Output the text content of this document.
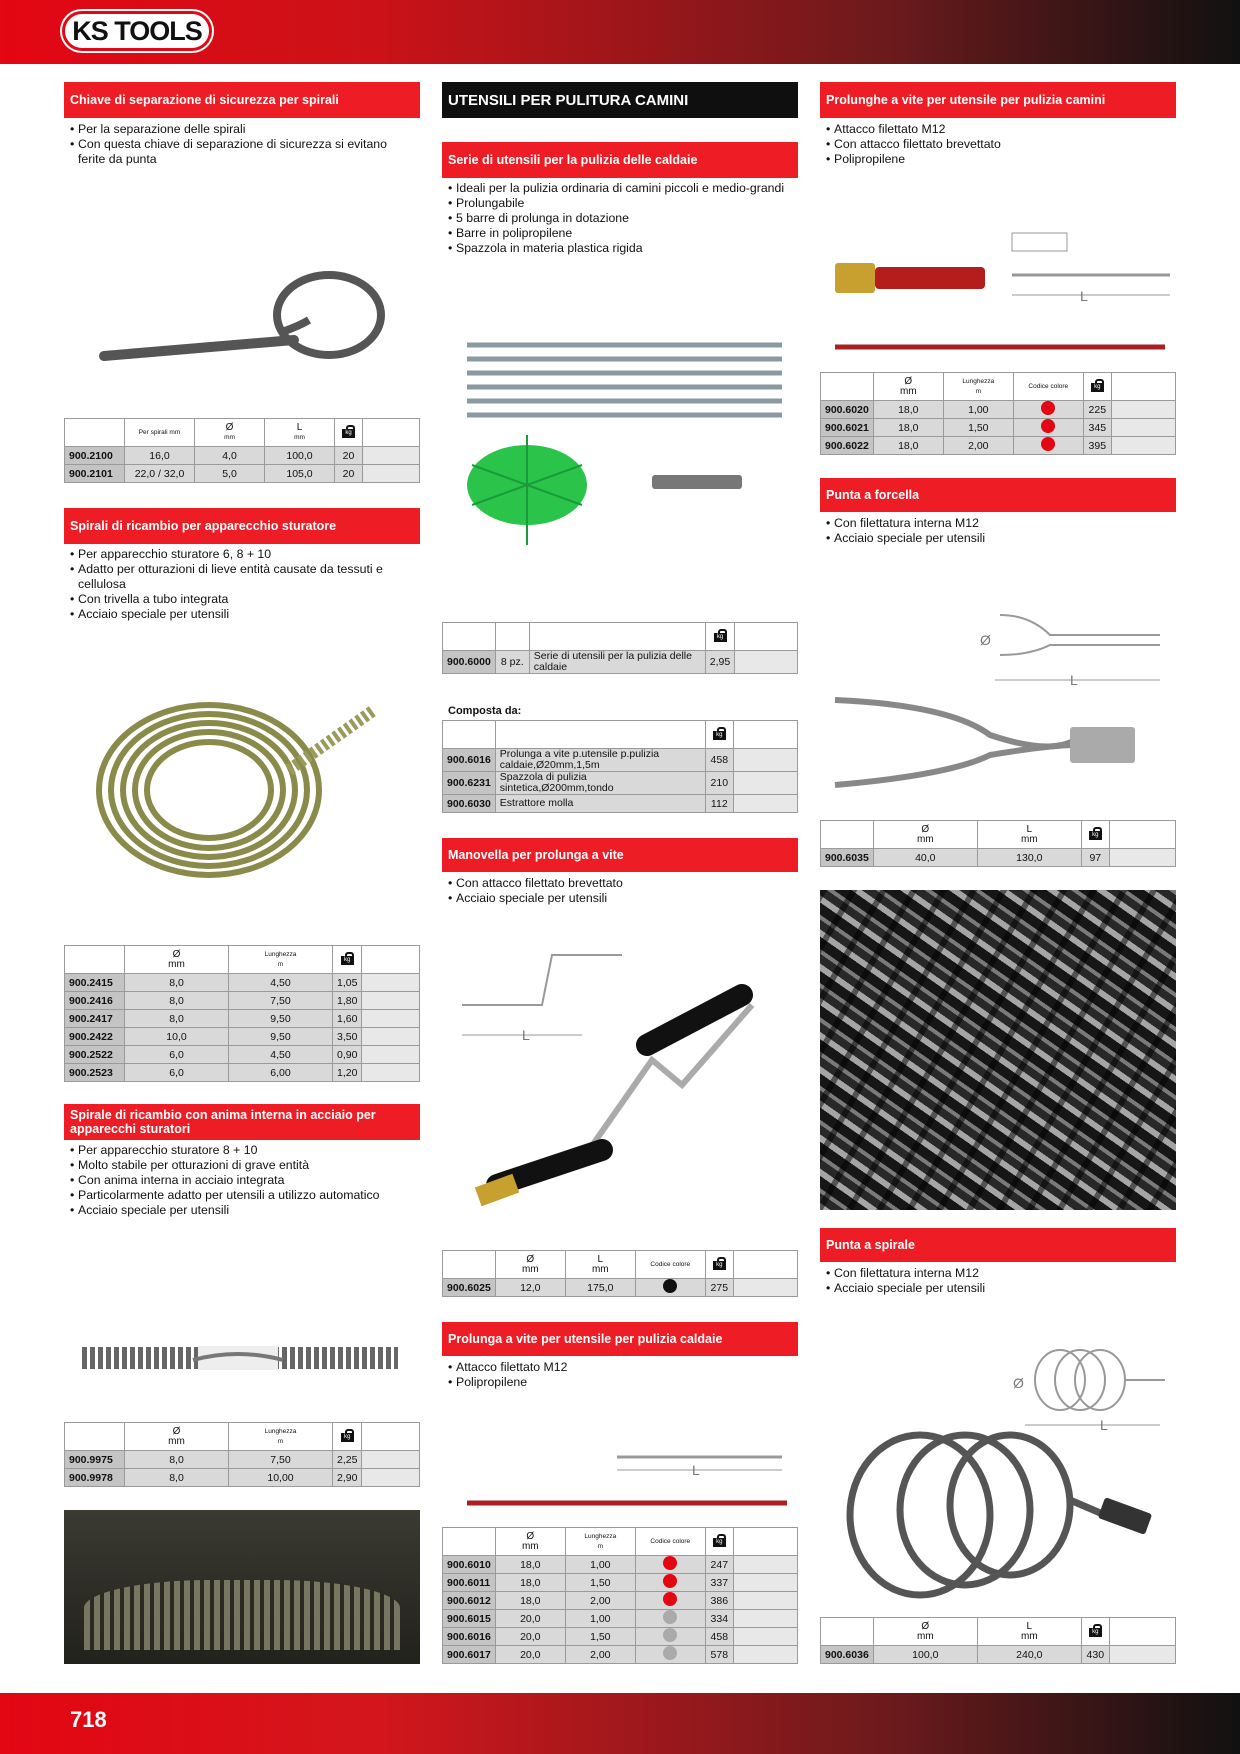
KS TOOLS
Chiave di separazione di sicurezza per spirali
• Per la separazione delle spirali
• Con questa chiave di separazione di sicurezza si evitano ferite da punta

	Per spirali mm	Ø
mm	L
mm
	kg	
900.2100	16,0	4,0	100,0	20	
900.2101	22,0 / 32,0	5,0	105,0	20	
Spirali di ricambio per apparecchio sturatore
• Per apparecchio sturatore 6, 8 + 10
• Adatto per otturazioni di lieve entità causate da tessuti e cellulosa
• Con trivella a tubo integrata
• Acciaio speciale per utensili
	Ø
mm	Lunghezza
m
	kg	
900.2415	8,0	4,50	1,05	
900.2416	8,0	7,50	1,80	
900.2417	8,0	9,50	1,60	
900.2422	10,0	9,50	3,50	
900.2522	6,0	4,50	0,90	
900.2523	6,0	6,00	1,20	
Spirale di ricambio con anima interna in acciaio per apparecchi sturatori
• Per apparecchio sturatore 8 + 10
• Molto stabile per otturazioni di grave entità
• Con anima interna in acciaio integrata
• Particolarmente adatto per utensili a utilizzo automatico
• Acciaio speciale per utensili
	Ø
mm	Lunghezza
m
	kg	
900.9975	8,0	7,50	2,25	
900.9978	8,0	10,00	2,90	
UTENSILI PER PULITURA CAMINI
Serie di utensili per la pulizia delle caldaie
• Ideali per la pulizia ordinaria di camini piccoli e medio-grandi
• Prolungabile
• 5 barre di prolunga in dotazione
• Barre in polipropilene
• Spazzola in materia plastica rigida
			kg	
900.6000	8 pz.	Serie di utensili per la pulizia delle caldaie	2,95	
Composta da:
		kg	
900.6016	Prolunga a vite p.utensile p.pulizia caldaie,Ø20mm,1,5m	458	
900.6231	Spazzola di pulizia sintetica,Ø200mm,tondo	210	
900.6030	Estrattore molla	112	
Manovella per prolunga a vite
• Con attacco filettato brevettato
• Acciaio speciale per utensili
L
	Ø
mm	L
mm	Codice colore
	kg	
900.6025	12,0	175,0		275	
Prolunga a vite per utensile per pulizia caldaie
• Attacco filettato M12
• Polipropilene
L
	Ø
mm	Lunghezza
m	Codice colore
	kg	
900.6010	18,0	1,00		247	
900.6011	18,0	1,50		337	
900.6012	18,0	2,00		386	
900.6015	20,0	1,00		334	
900.6016	20,0	1,50		458	
900.6017	20,0	2,00		578	
Prolunghe a vite per utensile per pulizia camini
• Attacco filettato M12
• Con attacco filettato brevettato
• Polipropilene
L
	Ø
mm	Lunghezza
m	Codice colore
	kg	
900.6020	18,0	1,00		225	
900.6021	18,0	1,50		345	
900.6022	18,0	2,00		395	
Punta a forcella
• Con filettatura interna M12
• Acciaio speciale per utensili
Ø
L
	Ø
mm	L
mm
	kg	
900.6035	40,0	130,0	97	
Punta a spirale
• Con filettatura interna M12
• Acciaio speciale per utensili
Ø
L
	Ø
mm	L
mm
	kg	
900.6036	100,0	240,0	430	
718
